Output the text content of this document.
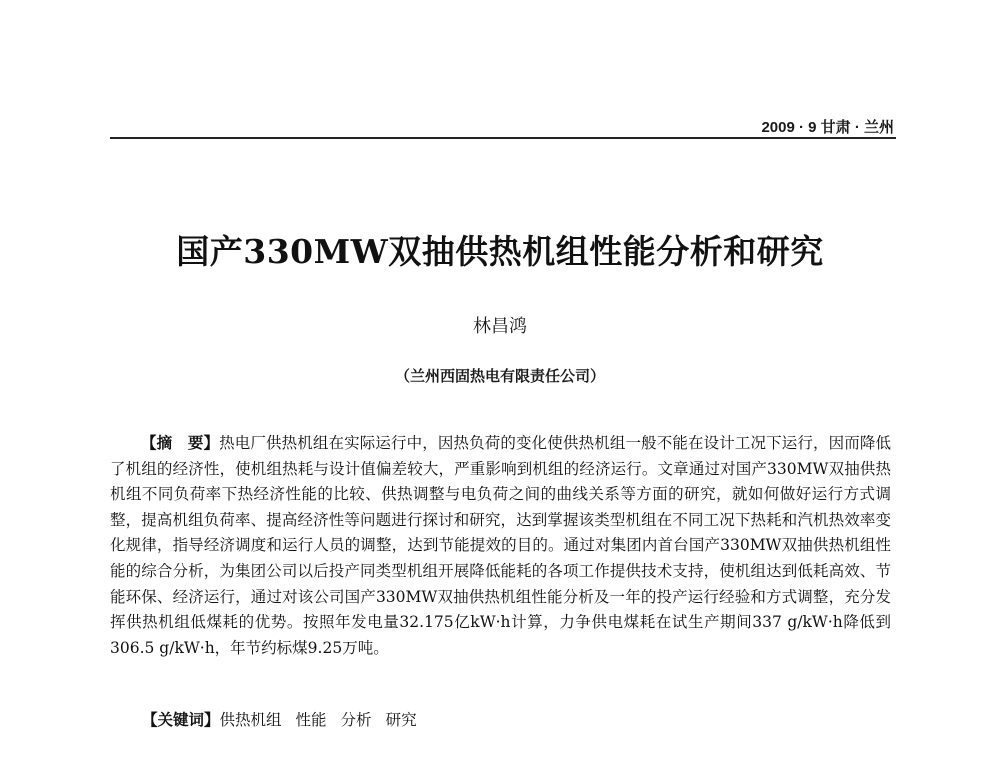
2009 · 9 甘肃 · 兰州
国产330MW双抽供热机组性能分析和研究
林昌鸿
（兰州西固热电有限责任公司）

【摘　要】热电厂供热机组在实际运行中，因热负荷的变化使供热机组一般不能在设计工况下运行，因而降低了机组的经济性，使机组热耗与设计值偏差较大，严重影响到机组的经济运行。文章通过对国产330MW双抽供热机组不同负荷率下热经济性能的比较、供热调整与电负荷之间的曲线关系等方面的研究，就如何做好运行方式调整，提高机组负荷率、提高经济性等问题进行探讨和研究，达到掌握该类型机组在不同工况下热耗和汽机热效率变化规律，指导经济调度和运行人员的调整，达到节能提效的目的。通过对集团内首台国产330MW双抽供热机组性能的综合分析，为集团公司以后投产同类型机组开展降低能耗的各项工作提供技术支持，使机组达到低耗高效、节能环保、经济运行，通过对该公司国产330MW双抽供热机组性能分析及一年的投产运行经验和方式调整，充分发挥供热机组低煤耗的优势。按照年发电量32.175亿kW·h计算，力争供电煤耗在试生产期间337 g/kW·h降低到306.5 g/kW·h，年节约标煤9.25万吨。

【关键词】供热机组 性能 分析 研究
